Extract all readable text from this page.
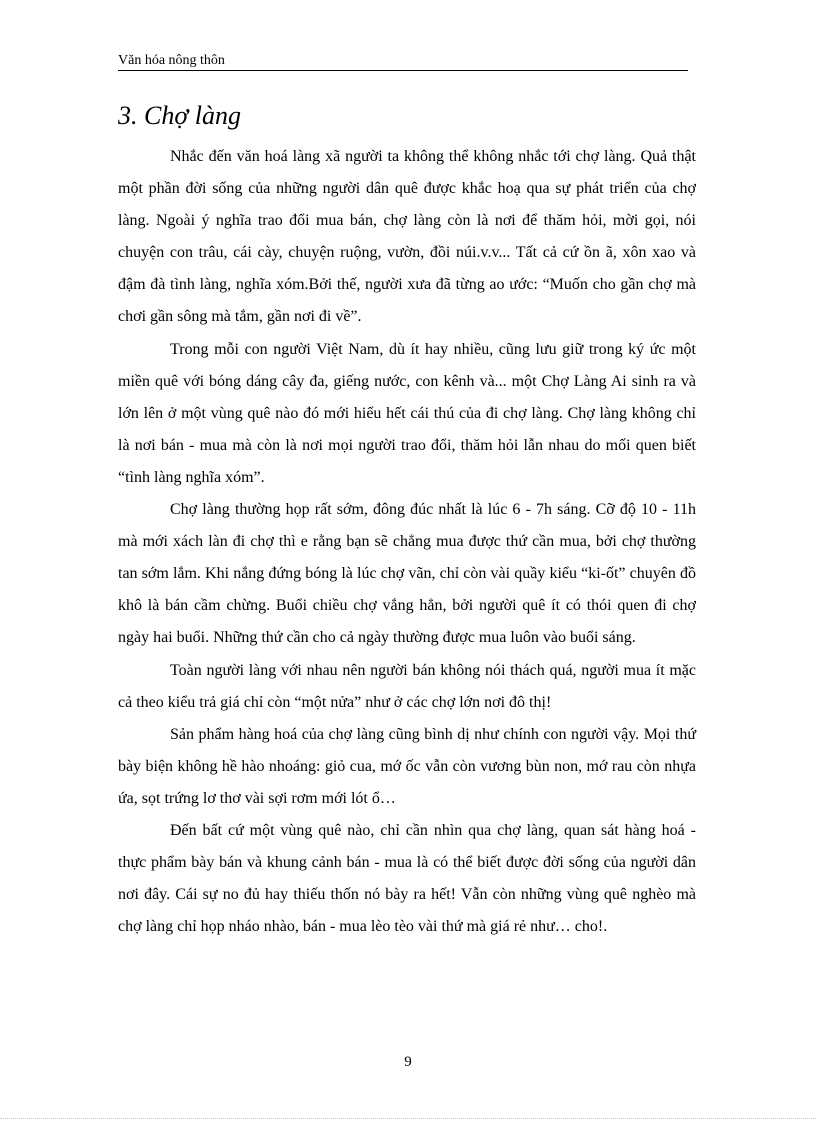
Văn hóa nông thôn
3. Chợ làng

Nhắc đến văn hoá làng xã người ta không thể không nhắc tới chợ làng. Quả thật một phần đời sống của những người dân quê được khắc hoạ qua sự phát triển của chợ làng. Ngoài ý nghĩa trao đổi mua bán, chợ làng còn là nơi để thăm hỏi, mời gọi, nói chuyện con trâu, cái cày, chuyện ruộng, vườn, đồi núi.v.v... Tất cả cứ ồn ã, xôn xao và đậm đà tình làng, nghĩa xóm.Bởi thế, người xưa đã từng ao ước: “Muốn cho gần chợ mà chơi gần sông mà tắm, gần nơi đi về”.

Trong mỗi con người Việt Nam, dù ít hay nhiều, cũng lưu giữ trong ký ức một miền quê với bóng dáng cây đa, giếng nước, con kênh và... một Chợ Làng Ai sinh ra và lớn lên ở một vùng quê nào đó mới hiểu hết cái thú của đi chợ làng. Chợ làng không chỉ là nơi bán - mua mà còn là nơi mọi người trao đổi, thăm hỏi lẫn nhau do mối quen biết “tình làng nghĩa xóm”.

Chợ làng thường họp rất sớm, đông đúc nhất là lúc 6 - 7h sáng. Cỡ độ 10 - 11h mà mới xách làn đi chợ thì e rằng bạn sẽ chẳng mua được thứ cần mua, bởi chợ thường tan sớm lắm. Khi nắng đứng bóng là lúc chợ vãn, chỉ còn vài quầy kiểu “ki-ốt” chuyên đồ khô là bán cầm chừng. Buổi chiều chợ vắng hẳn, bởi người quê ít có thói quen đi chợ ngày hai buổi. Những thứ cần cho cả ngày thường được mua luôn vào buổi sáng.

Toàn người làng với nhau nên người bán không nói thách quá, người mua ít mặc cả theo kiểu trả giá chỉ còn “một nửa” như ở các chợ lớn nơi đô thị!

Sản phẩm hàng hoá của chợ làng cũng bình dị như chính con người vậy. Mọi thứ bày biện không hề hào nhoáng: giỏ cua, mớ ốc vẫn còn vương bùn non, mớ rau còn nhựa ứa, sọt trứng lơ thơ vài sợi rơm mới lót ổ…

Đến bất cứ một vùng quê nào, chỉ cần nhìn qua chợ làng, quan sát hàng hoá - thực phẩm bày bán và khung cảnh bán - mua là có thể biết được đời sống của người dân nơi đây. Cái sự no đủ hay thiếu thốn nó bày ra hết! Vẫn còn những vùng quê nghèo mà chợ làng chỉ họp nháo nhào, bán - mua lèo tèo vài thứ mà giá rẻ như… cho!.

9
